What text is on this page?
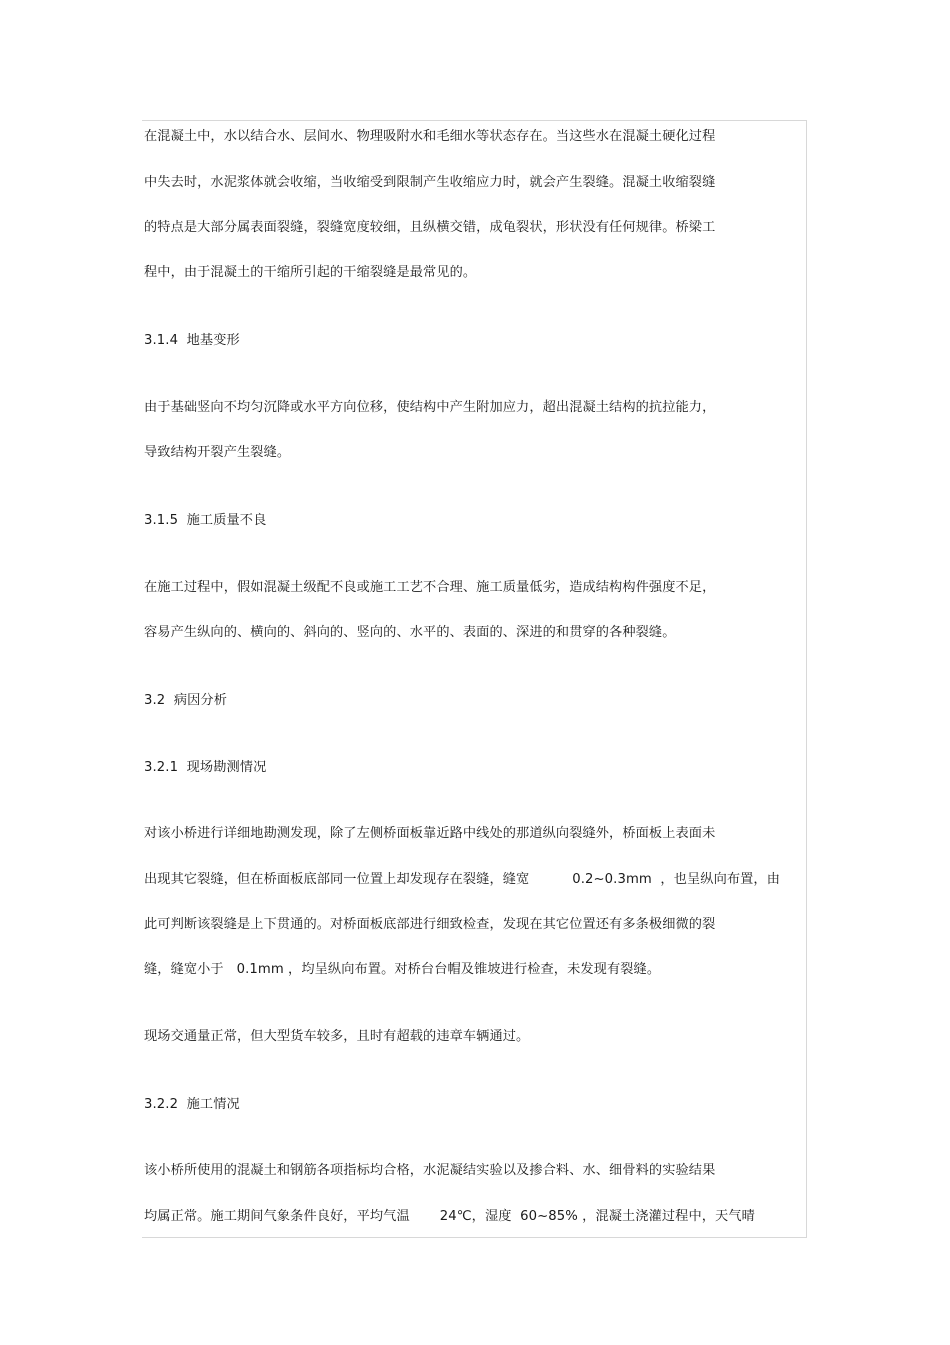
在混凝土中，水以结合水、层间水、物理吸附水和毛细水等状态存在。当这些水在混凝土硬化过程
中失去时，水泥浆体就会收缩，当收缩受到限制产生收缩应力时，就会产生裂缝。混凝土收缩裂缝
的特点是大部分属表面裂缝，裂缝宽度较细，且纵横交错，成龟裂状，形状没有任何规律。桥梁工
程中，由于混凝土的干缩所引起的干缩裂缝是最常见的。
3.1.4  地基变形
由于基础竖向不均匀沉降或水平方向位移，使结构中产生附加应力，超出混凝土结构的抗拉能力，
导致结构开裂产生裂缝。
3.1.5  施工质量不良
在施工过程中，假如混凝土级配不良或施工工艺不合理、施工质量低劣，造成结构构件强度不足，
容易产生纵向的、横向的、斜向的、竖向的、水平的、表面的、深进的和贯穿的各种裂缝。
3.2  病因分析
3.2.1  现场勘测情况
对该小桥进行详细地勘测发现，除了左侧桥面板靠近路中线处的那道纵向裂缝外，桥面板上表面未
出现其它裂缝，但在桥面板底部同一位置上却发现存在裂缝，缝宽          0.2~0.3mm  ，也呈纵向布置，由
此可判断该裂缝是上下贯通的。对桥面板底部进行细致检查，发现在其它位置还有多条极细微的裂
缝，缝宽小于   0.1mm ，均呈纵向布置。对桥台台帽及锥坡进行检查，未发现有裂缝。
现场交通量正常，但大型货车较多，且时有超载的违章车辆通过。
3.2.2  施工情况
该小桥所使用的混凝土和钢筋各项指标均合格，水泥凝结实验以及掺合料、水、细骨料的实验结果
均属正常。施工期间气象条件良好，平均气温       24℃，湿度  60~85% ，混凝土浇灌过程中，天气晴
